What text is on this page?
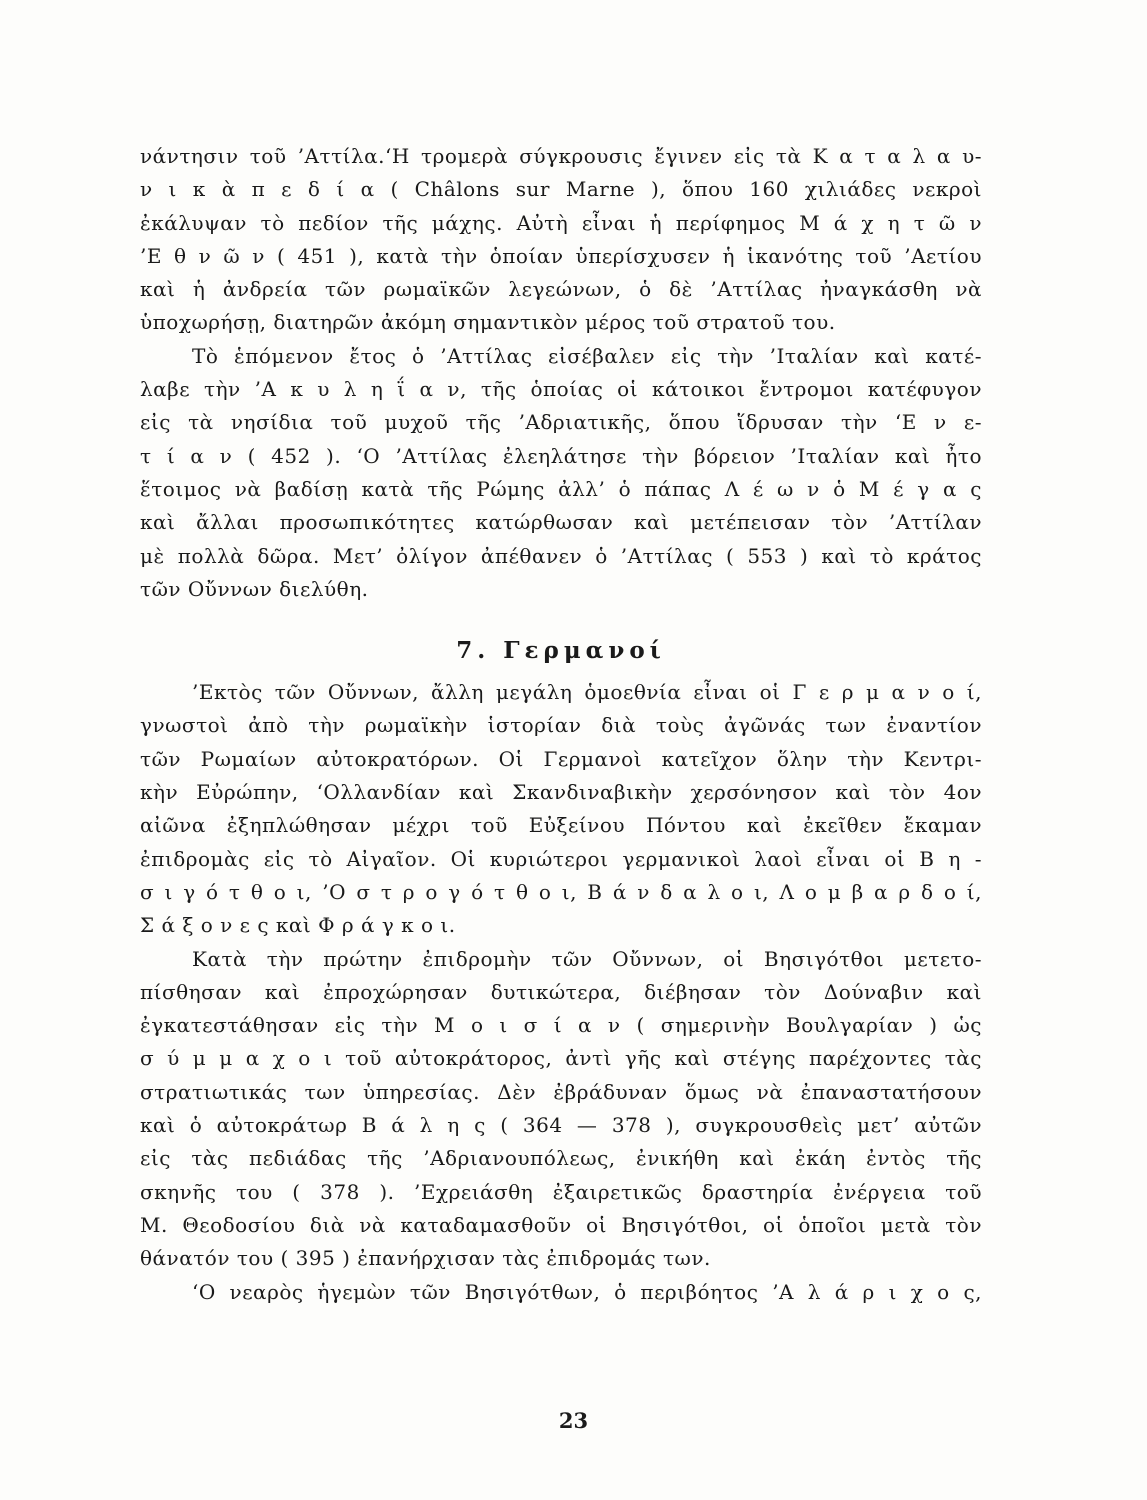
νάντησιν τοῦ ’Αττίλα.‘Η τρομερὰ σύγκρουσις ἔγινεν εἰς τὰ Κ α τ α λ α υ-
ν ι κ ὰ π ε δ ί α ( Châlons sur Marne ), ὅπου 160 χιλιάδες νεκροὶ
ἐκάλυψαν τὸ πεδίον τῆς μάχης. Αὐτὴ εἶναι ἡ περίφημος Μ ά χ η τ ῶ ν
’Ε θ ν ῶ ν ( 451 ), κατὰ τὴν ὁποίαν ὑπερίσχυσεν ἡ ἱκανότης τοῦ ’Αετίου
καὶ ἡ ἀνδρεία τῶν ρωμαϊκῶν λεγεώνων, ὁ δὲ ’Αττίλας ἠναγκάσθη νὰ
ὑποχωρήσῃ, διατηρῶν ἀκόμη σημαντικὸν μέρος τοῦ στρατοῦ του.
Τὸ ἑπόμενον ἔτος ὁ ’Αττίλας εἰσέβαλεν εἰς τὴν ’Ιταλίαν καὶ κατέ-
λαβε τὴν ’Α κ υ λ η ΐ α ν, τῆς ὁποίας οἱ κάτοικοι ἔντρομοι κατέφυγον
εἰς τὰ νησίδια τοῦ μυχοῦ τῆς ’Αδριατικῆς, ὅπου ἵδρυσαν τὴν ‘Ε ν ε-
τ ί α ν ( 452 ). ‘Ο ’Αττίλας ἐλεηλάτησε τὴν βόρειον ’Ιταλίαν καὶ ἦτο
ἕτοιμος νὰ βαδίσῃ κατὰ τῆς Ρώμης ἀλλ’ ὁ πάπας Λ έ ω ν ὁ Μ έ γ α ς
καὶ ἄλλαι προσωπικότητες κατώρθωσαν καὶ μετέπεισαν τὸν ’Αττίλαν
μὲ πολλὰ δῶρα. Μετ’ ὀλίγον ἀπέθανεν ὁ ’Αττίλας ( 553 ) καὶ τὸ κράτος
τῶν Οὔννων διελύθη.
7. Γερμανοί
’Εκτὸς τῶν Οὔννων, ἄλλη μεγάλη ὁμοεθνία εἶναι οἱ Γ ε ρ μ α ν ο ί,
γνωστοὶ ἀπὸ τὴν ρωμαϊκὴν ἱστορίαν διὰ τοὺς ἀγῶνάς των ἐναντίον
τῶν Ρωμαίων αὐτοκρατόρων. Οἱ Γερμανοὶ κατεῖχον ὅλην τὴν Κεντρι-
κὴν Εὐρώπην, ‘Ολλανδίαν καὶ Σκανδιναβικὴν χερσόνησον καὶ τὸν 4ον
αἰῶνα ἐξηπλώθησαν μέχρι τοῦ Εὐξείνου Πόντου καὶ ἐκεῖθεν ἔκαμαν
ἐπιδρομὰς εἰς τὸ Αἰγαῖον. Οἱ κυριώτεροι γερμανικοὶ λαοὶ εἶναι οἱ Β η -
σ ι γ ό τ θ ο ι, ’Ο σ τ ρ ο γ ό τ θ ο ι, Β ά ν δ α λ ο ι, Λ ο μ β α ρ δ ο ί,
Σ ά ξ ο ν ε ς καὶ Φ ρ ά γ κ ο ι.
Κατὰ τὴν πρώτην ἐπιδρομὴν τῶν Οὔννων, οἱ Βησιγότθοι μετετο-
πίσθησαν καὶ ἐπροχώρησαν δυτικώτερα, διέβησαν τὸν Δούναβιν καὶ
ἐγκατεστάθησαν εἰς τὴν Μ ο ι σ ί α ν ( σημερινὴν Βουλγαρίαν ) ὡς
σ ύ μ μ α χ ο ι τοῦ αὐτοκράτορος, ἀντὶ γῆς καὶ στέγης παρέχοντες τὰς
στρατιωτικάς των ὑπηρεσίας. Δὲν ἐβράδυναν ὅμως νὰ ἐπαναστατήσουν
καὶ ὁ αὐτοκράτωρ Β ά λ η ς ( 364 — 378 ), συγκρουσθεὶς μετ’ αὐτῶν
εἰς τὰς πεδιάδας τῆς ’Αδριανουπόλεως, ἐνικήθη καὶ ἐκάη ἐντὸς τῆς
σκηνῆς του ( 378 ). ’Εχρειάσθη ἐξαιρετικῶς δραστηρία ἐνέργεια τοῦ
Μ. Θεοδοσίου διὰ νὰ καταδαμασθοῦν οἱ Βησιγότθοι, οἱ ὁποῖοι μετὰ τὸν
θάνατόν του ( 395 ) ἐπανήρχισαν τὰς ἐπιδρομάς των.
‘Ο νεαρὸς ἡγεμὼν τῶν Βησιγότθων, ὁ περιβόητος ’Α λ ά ρ ι χ ο ς,
23
